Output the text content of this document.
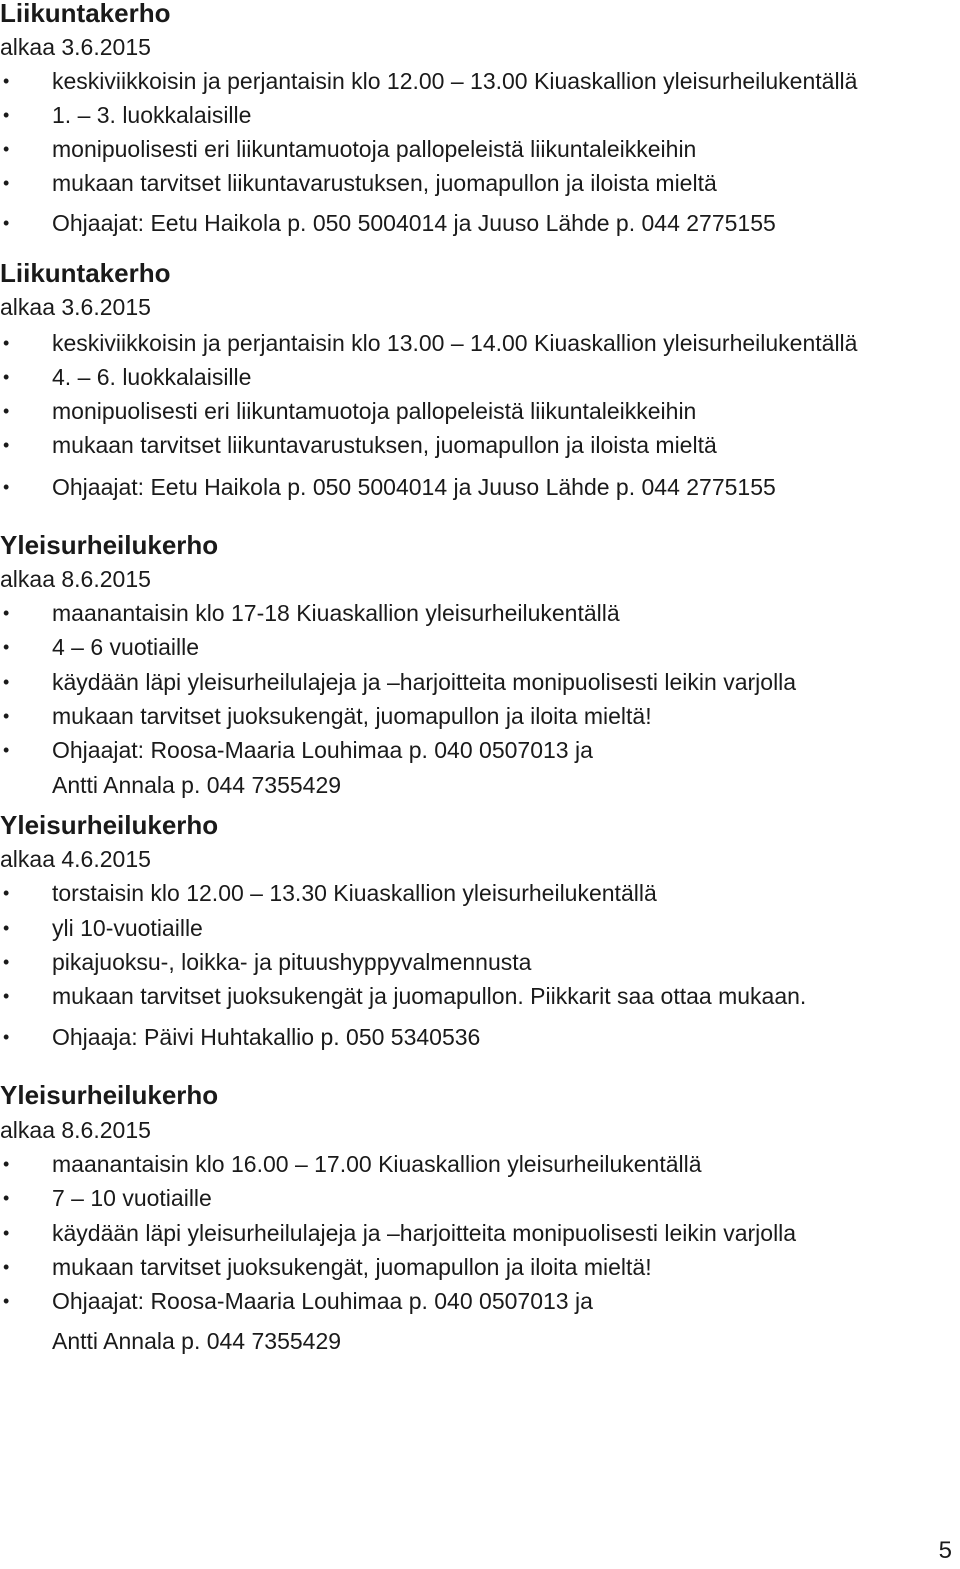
Liikuntakerho
alkaa 3.6.2015
• keskiviikkoisin ja perjantaisin klo 12.00 – 13.00 Kiuaskallion yleisurheilukentällä
• 1. – 3. luokkalaisille
• monipuolisesti eri liikuntamuotoja pallopeleistä liikuntaleikkeihin
• mukaan tarvitset liikuntavarustuksen, juomapullon ja iloista mieltä
• Ohjaajat: Eetu Haikola p. 050 5004014 ja Juuso Lähde p. 044 2775155
Liikuntakerho
alkaa 3.6.2015
• keskiviikkoisin ja perjantaisin klo 13.00 – 14.00 Kiuaskallion yleisurheilukentällä
• 4. – 6. luokkalaisille
• monipuolisesti eri liikuntamuotoja pallopeleistä liikuntaleikkeihin
• mukaan tarvitset liikuntavarustuksen, juomapullon ja iloista mieltä
• Ohjaajat: Eetu Haikola p. 050 5004014 ja Juuso Lähde p. 044 2775155
Yleisurheilukerho
alkaa 8.6.2015
• maanantaisin klo 17-18 Kiuaskallion yleisurheilukentällä
• 4 – 6 vuotiaille
• käydään läpi yleisurheilulajeja ja –harjoitteita monipuolisesti leikin varjolla
• mukaan tarvitset juoksukengät, juomapullon ja iloita mieltä!
• Ohjaajat: Roosa-Maaria Louhimaa p. 040 0507013 ja
Antti Annala p. 044 7355429
Yleisurheilukerho
alkaa 4.6.2015
• torstaisin klo 12.00 – 13.30 Kiuaskallion yleisurheilukentällä
• yli 10-vuotiaille
• pikajuoksu-, loikka- ja pituushyppyvalmennusta
• mukaan tarvitset juoksukengät ja juomapullon. Piikkarit saa ottaa mukaan.
• Ohjaaja: Päivi Huhtakallio p. 050 5340536
Yleisurheilukerho
alkaa 8.6.2015
• maanantaisin klo 16.00 – 17.00 Kiuaskallion yleisurheilukentällä
• 7 – 10 vuotiaille
• käydään läpi yleisurheilulajeja ja –harjoitteita monipuolisesti leikin varjolla
• mukaan tarvitset juoksukengät, juomapullon ja iloita mieltä!
• Ohjaajat: Roosa-Maaria Louhimaa p. 040 0507013 ja
Antti Annala p. 044 7355429
5
